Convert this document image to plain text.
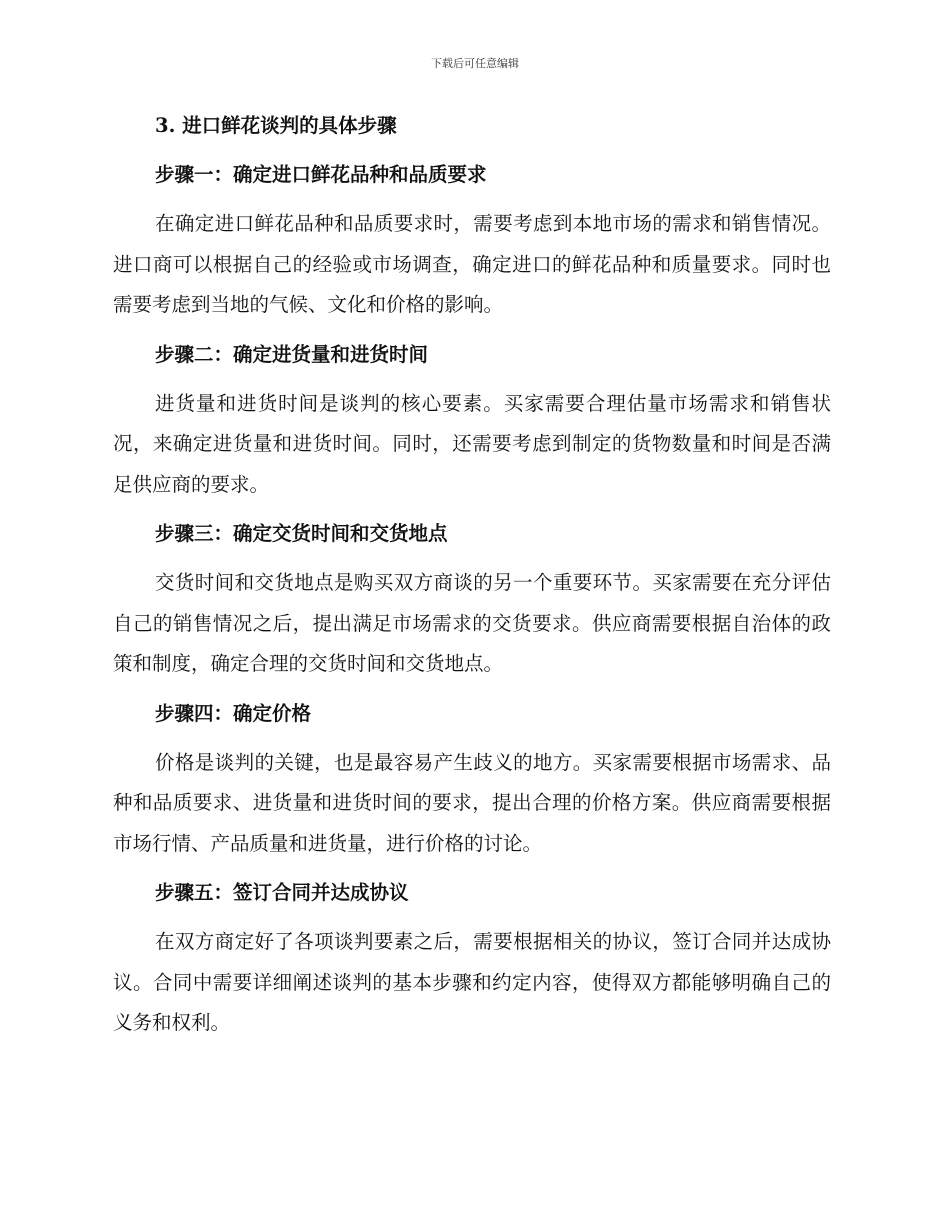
下载后可任意编辑
3. 进口鲜花谈判的具体步骤
步骤一：确定进口鲜花品种和品质要求

在确定进口鲜花品种和品质要求时，需要考虑到本地市场的需求和销售情况。进口商可以根据自己的经验或市场调查，确定进口的鲜花品种和质量要求。同时也需要考虑到当地的气候、文化和价格的影响。

步骤二：确定进货量和进货时间

进货量和进货时间是谈判的核心要素。买家需要合理估量市场需求和销售状况，来确定进货量和进货时间。同时，还需要考虑到制定的货物数量和时间是否满足供应商的要求。

步骤三：确定交货时间和交货地点

交货时间和交货地点是购买双方商谈的另一个重要环节。买家需要在充分评估自己的销售情况之后，提出满足市场需求的交货要求。供应商需要根据自治体的政策和制度，确定合理的交货时间和交货地点。

步骤四：确定价格

价格是谈判的关键，也是最容易产生歧义的地方。买家需要根据市场需求、品种和品质要求、进货量和进货时间的要求，提出合理的价格方案。供应商需要根据市场行情、产品质量和进货量，进行价格的讨论。

步骤五：签订合同并达成协议

在双方商定好了各项谈判要素之后，需要根据相关的协议，签订合同并达成协议。合同中需要详细阐述谈判的基本步骤和约定内容，使得双方都能够明确自己的义务和权利。
